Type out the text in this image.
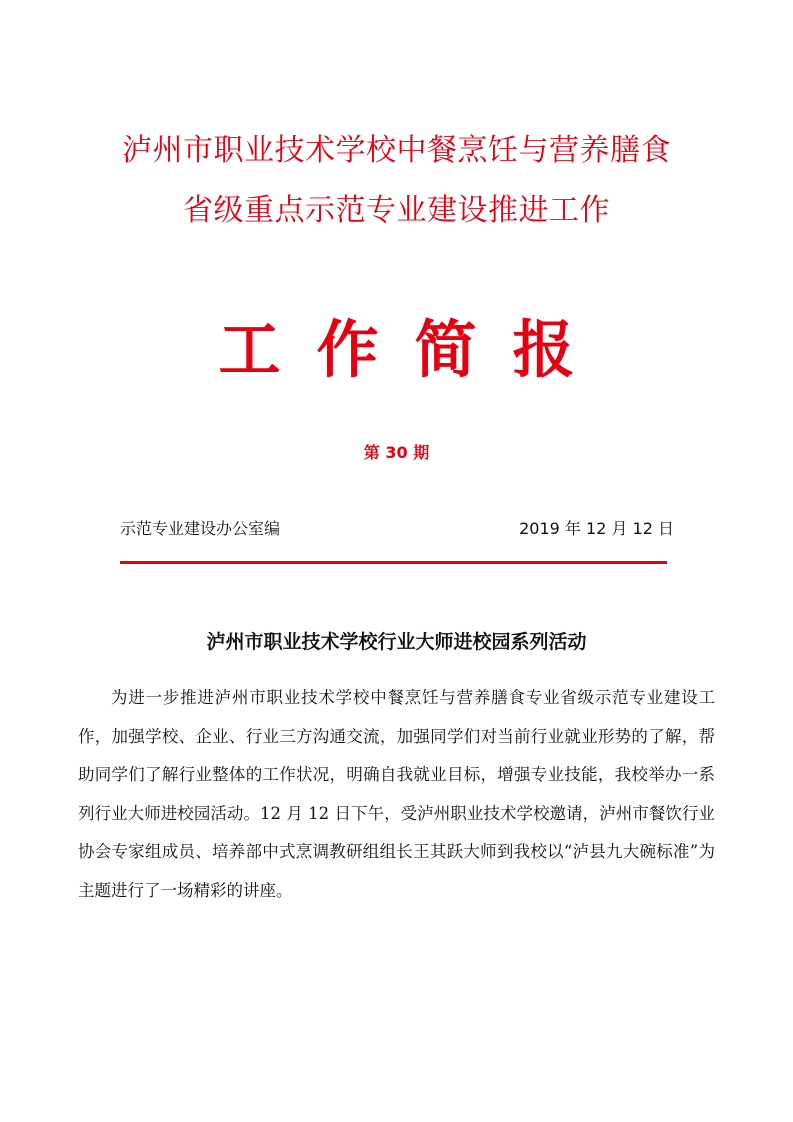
泸州市职业技术学校中餐烹饪与营养膳食
省级重点示范专业建设推进工作
工作简报
第 30 期
示范专业建设办公室编	2019 年 12 月 12 日
泸州市职业技术学校行业大师进校园系列活动

为进一步推进泸州市职业技术学校中餐烹饪与营养膳食专业省级示范专业建设工作，加强学校、企业、行业三方沟通交流，加强同学们对当前行业就业形势的了解，帮助同学们了解行业整体的工作状况，明确自我就业目标，增强专业技能，我校举办一系列行业大师进校园活动。12 月 12 日下午，受泸州职业技术学校邀请，泸州市餐饮行业协会专家组成员、培养部中式烹调教研组组长王其跃大师到我校以“泸县九大碗标准”为主题进行了一场精彩的讲座。
